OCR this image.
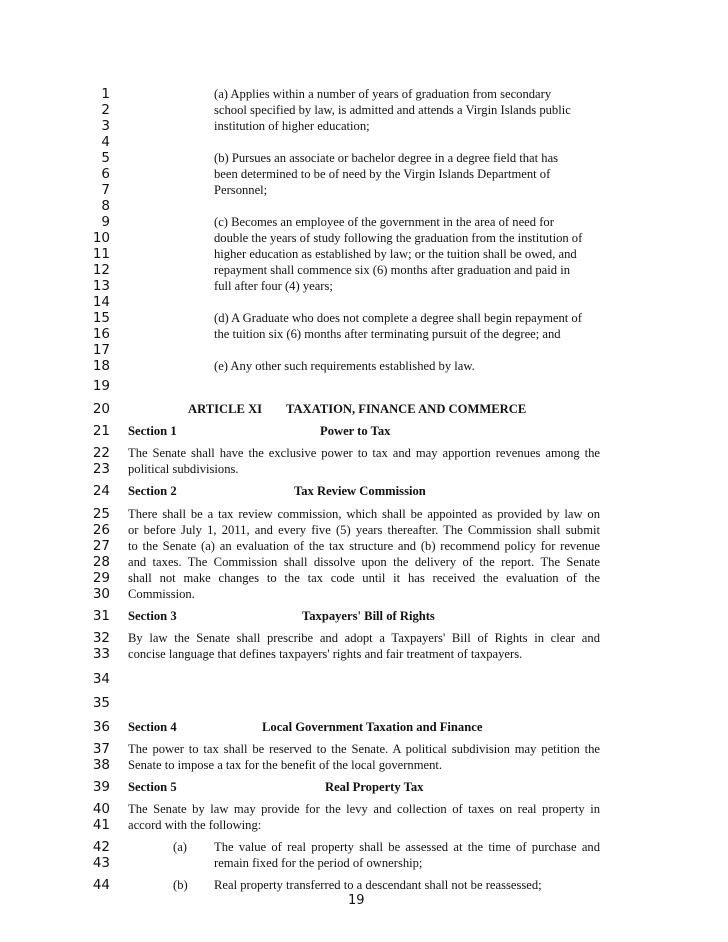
1
2
3
4
5
6
7
8
9
10
11
12
13
14
15
16
17
18
19
20
21
22
23
24
25
26
27
28
29
30
31
32
33
34
35
36
37
38
39
40
41
42
43
44
(a) Applies within a number of years of graduation from secondary
school specified by law, is admitted and attends a Virgin Islands public
institution of higher education;
(b) Pursues an associate or bachelor degree in a degree field that has
been determined to be of need by the Virgin Islands Department of
Personnel;
(c) Becomes an employee of the government in the area of need for
double the years of study following the graduation from the institution of
higher education as established by law; or the tuition shall be owed, and
repayment shall commence six (6) months after graduation and paid in
full after four (4) years;
(d) A Graduate who does not complete a degree shall begin repayment of
the tuition six (6) months after terminating pursuit of the degree; and
(e) Any other such requirements established by law.
ARTICLE XI TAXATION, FINANCE AND COMMERCE
Section 1	Power to Tax
The Senate shall have the exclusive power to tax and may apportion revenues among the
political subdivisions.
Section 2	Tax Review Commission
There shall be a tax review commission, which shall be appointed as provided by law on
or before July 1, 2011, and every five (5) years thereafter. The Commission shall submit
to the Senate (a) an evaluation of the tax structure and (b) recommend policy for revenue
and taxes. The Commission shall dissolve upon the delivery of the report. The Senate
shall not make changes to the tax code until it has received the evaluation of the
Commission.
Section 3	Taxpayers' Bill of Rights
By law the Senate shall prescribe and adopt a Taxpayers' Bill of Rights in clear and
concise language that defines taxpayers' rights and fair treatment of taxpayers.
Section 4	Local Government Taxation and Finance
The power to tax shall be reserved to the Senate. A political subdivision may petition the
Senate to impose a tax for the benefit of the local government.
Section 5	Real Property Tax
The Senate by law may provide for the levy and collection of taxes on real property in
accord with the following:
(a) The value of real property shall be assessed at the time of purchase and
remain fixed for the period of ownership;
(b) Real property transferred to a descendant shall not be reassessed;
19
